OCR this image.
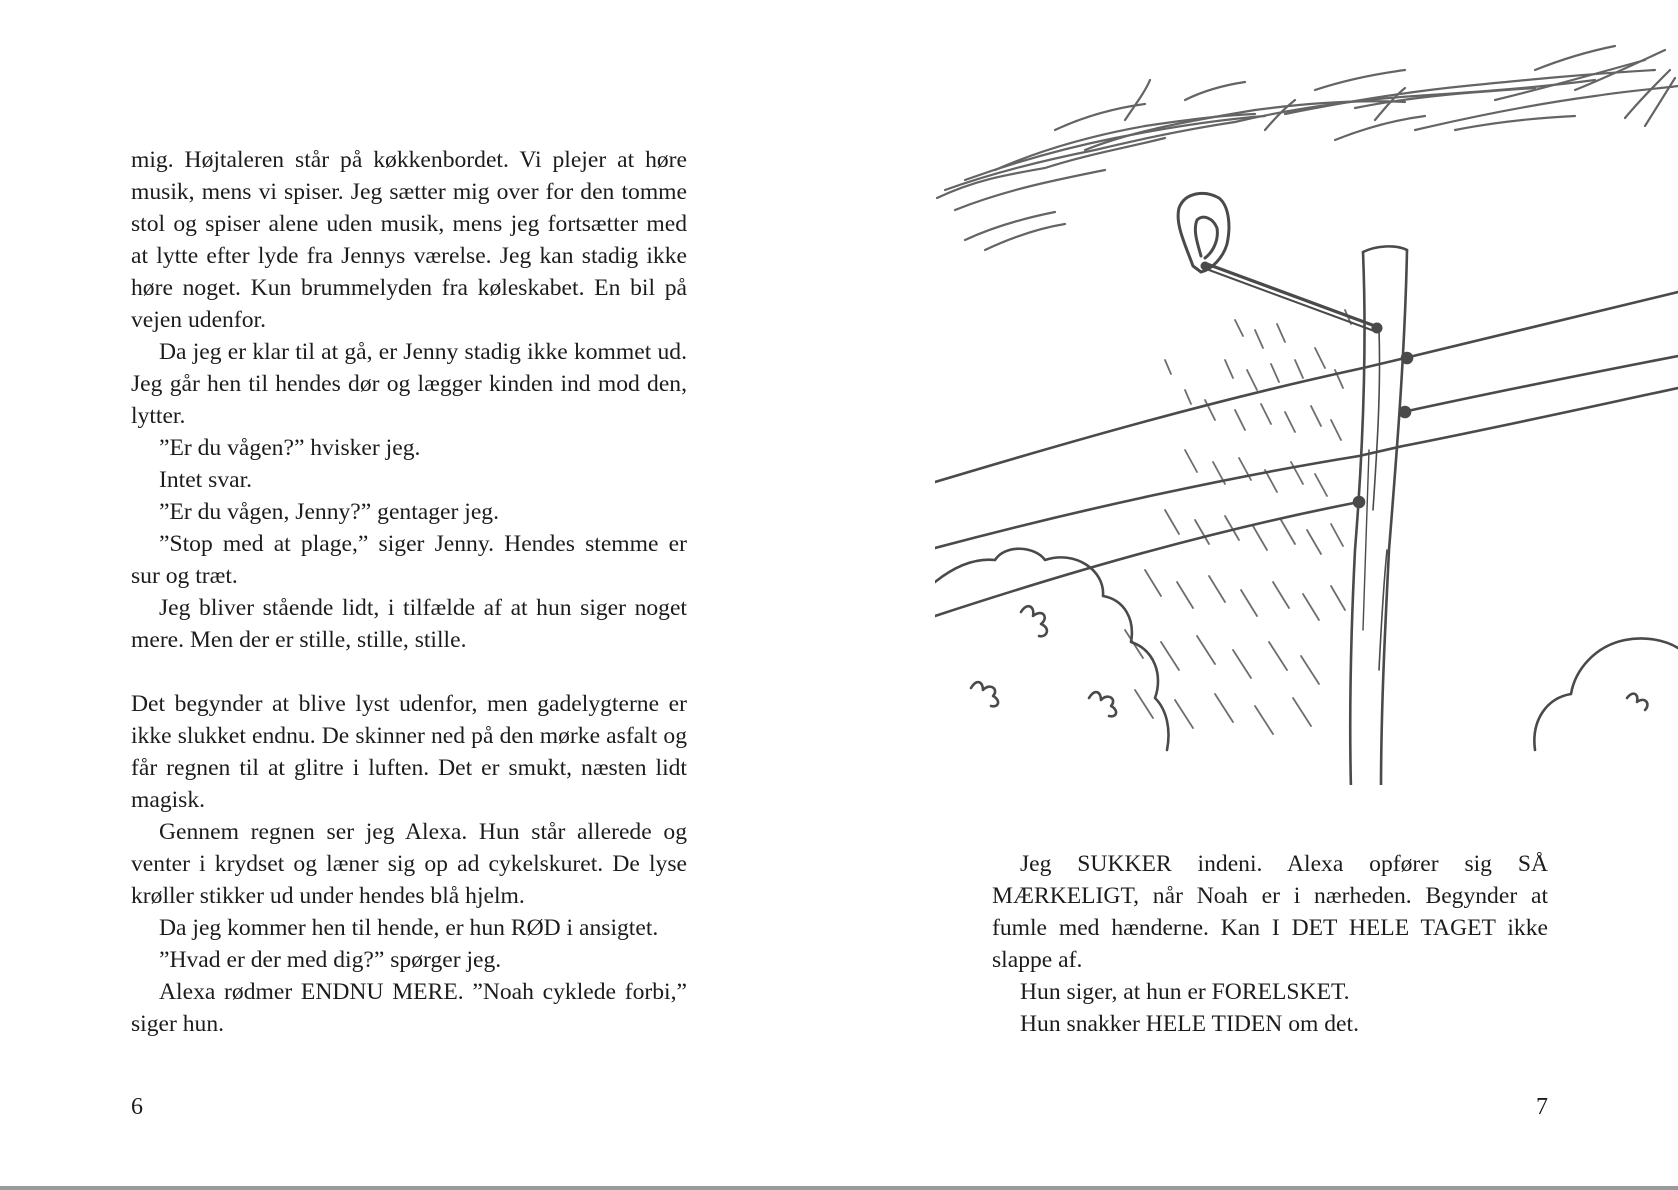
mig. Højtaleren står på køkkenbordet. Vi plejer at høre musik, mens vi spiser. Jeg sætter mig over for den tomme stol og spiser alene uden musik, mens jeg fortsætter med at lytte efter lyde fra Jennys værelse. Jeg kan stadig ikke høre noget. Kun brummelyden fra køleskabet. En bil på vejen udenfor.

Da jeg er klar til at gå, er Jenny stadig ikke kommet ud. Jeg går hen til hendes dør og lægger kinden ind mod den, lytter.

”Er du vågen?” hvisker jeg.

Intet svar.

”Er du vågen, Jenny?” gentager jeg.

”Stop med at plage,” siger Jenny. Hendes stemme er sur og træt.

Jeg bliver stående lidt, i tilfælde af at hun siger noget mere. Men der er stille, stille, stille.

Det begynder at blive lyst udenfor, men gadelygterne er ikke slukket endnu. De skinner ned på den mørke asfalt og får regnen til at glitre i luften. Det er smukt, næsten lidt magisk.

Gennem regnen ser jeg Alexa. Hun står allerede og venter i krydset og læner sig op ad cykelskuret. De lyse krøller stikker ud under hendes blå hjelm.

Da jeg kommer hen til hende, er hun RØD i ansigtet.

”Hvad er der med dig?” spørger jeg.

Alexa rødmer ENDNU MERE. ”Noah cyklede forbi,” siger hun.

6

Jeg SUKKER indeni. Alexa opfører sig SÅ MÆRKELIGT, når Noah er i nærheden. Begynder at fumle med hænderne. Kan I DET HELE TAGET ikke slappe af.

Hun siger, at hun er FORELSKET.

Hun snakker HELE TIDEN om det.

7
